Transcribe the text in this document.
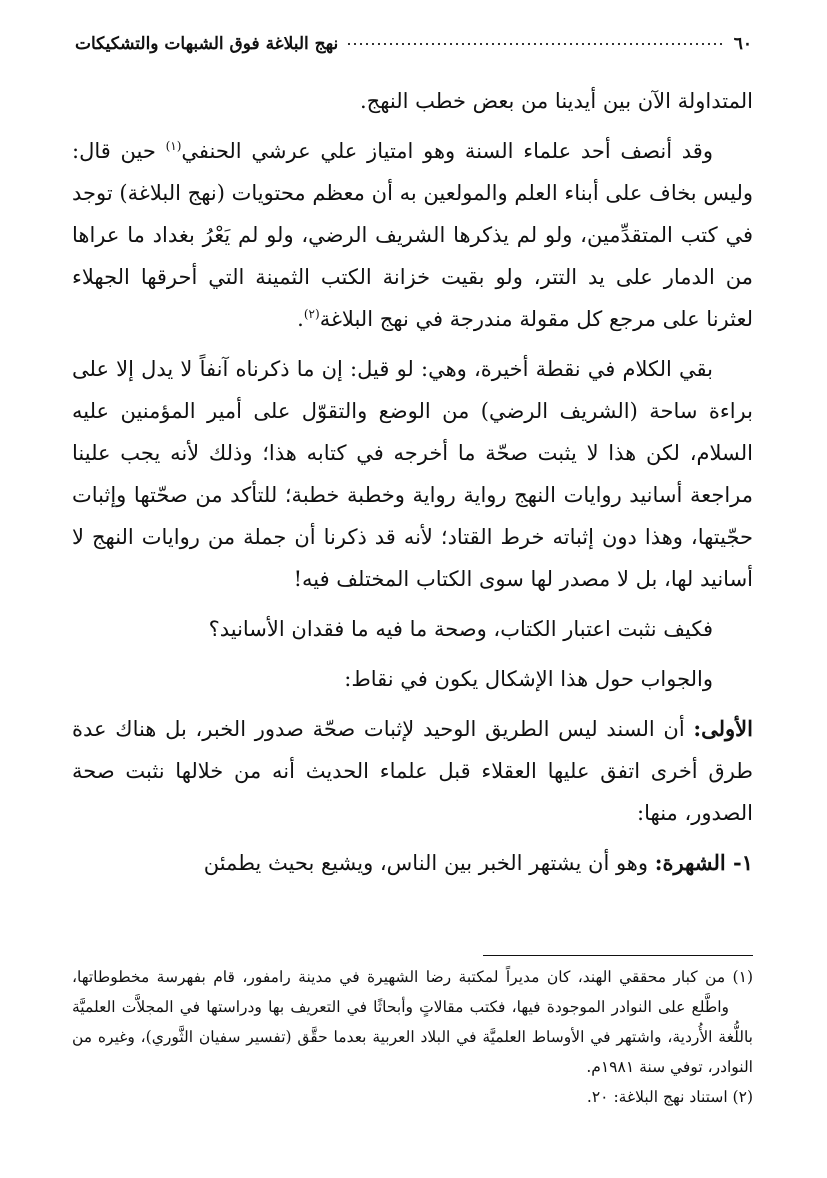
٦٠
نهج البلاغة فوق الشبهات والتشكيكات

المتداولة الآن بين أيدينا من بعض خطب النهج.

وقد أنصف أحد علماء السنة وهو امتياز علي عرشي الحنفي$^{(١)}$ حين قال: وليس بخاف على أبناء العلم والمولعين به أن معظم محتويات (نهج البلاغة) توجد في كتب المتقدِّمين، ولو لم يذكرها الشريف الرضي، ولو لم يَعْرُ بغداد ما عراها من الدمار على يد التتر، ولو بقيت خزانة الكتب الثمينة التي أحرقها الجهلاء لعثرنا على مرجع كل مقولة مندرجة في نهج البلاغة$^{(٢)}$.

بقي الكلام في نقطة أخيرة، وهي: لو قيل: إن ما ذكرناه آنفاً لا يدل إلا على براءة ساحة (الشريف الرضي) من الوضع والتقوّل على أمير المؤمنين عليه السلام، لكن هذا لا يثبت صحّة ما أخرجه في كتابه هذا؛ وذلك لأنه يجب علينا مراجعة أسانيد روايات النهج رواية رواية وخطبة خطبة؛ للتأكد من صحّتها وإثبات حجّيتها، وهذا دون إثباته خرط القتاد؛ لأنه قد ذكرنا أن جملة من روايات النهج لا أسانيد لها، بل لا مصدر لها سوى الكتاب المختلف فيه!

فكيف نثبت اعتبار الكتاب، وصحة ما فيه ما فقدان الأسانيد؟

والجواب حول هذا الإشكال يكون في نقاط:

الأولى: أن السند ليس الطريق الوحيد لإثبات صحّة صدور الخبر، بل هناك عدة طرق أخرى اتفق عليها العقلاء قبل علماء الحديث أنه من خلالها نثبت صحة الصدور، منها:

١- الشهرة: وهو أن يشتهر الخبر بين الناس، ويشيع بحيث يطمئن

(١) من كبار محققي الهند، كان مديراً لمكتبة رضا الشهيرة في مدينة رامفور، قام بفهرسة مخطوطاتها، واطَّلع على النوادر الموجودة فيها، فكتب مقالاتٍ وأبحاثًا في التعريف بها ودراستها في المجلاَّت العلميَّة باللُّغة الأُردية، واشتهر في الأوساط العلميَّة في البلاد العربية بعدما حقَّق (تفسير سفيان الثَّوري)، وغيره من النوادر، توفي سنة ١٩٨١م.

(٢) استناد نهج البلاغة: ٢٠.
